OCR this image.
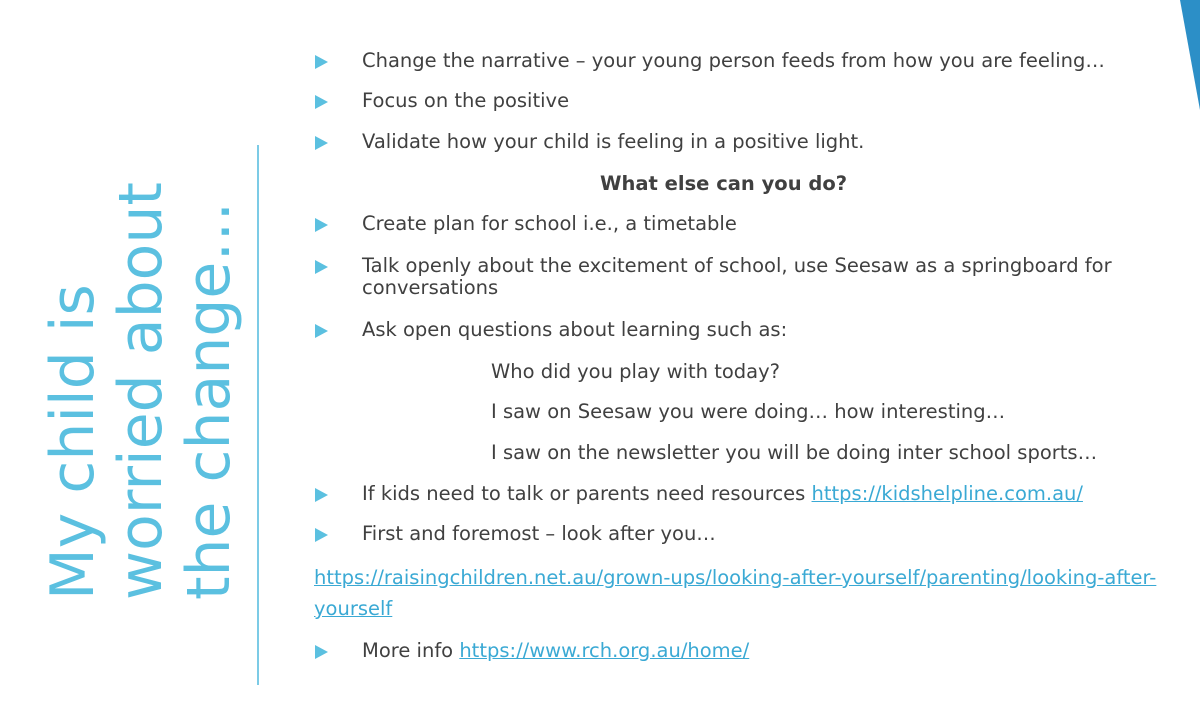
My child is
worried about
the change…
Change the narrative – your young person feeds from how you are feeling…
Focus on the positive
Validate how your child is feeling in a positive light.
What else can you do?
Create plan for school i.e., a timetable
Talk openly about the excitement of school, use Seesaw as a springboard for conversations
Ask open questions about learning such as:
Who did you play with today?
I saw on Seesaw you were doing… how interesting…
I saw on the newsletter you will be doing inter school sports…
If kids need to talk or parents need resources https://kidshelpline.com.au/
First and foremost – look after you…
https://raisingchildren.net.au/grown-ups/looking-after-yourself/parenting/looking-after-yourself
More info https://www.rch.org.au/home/
